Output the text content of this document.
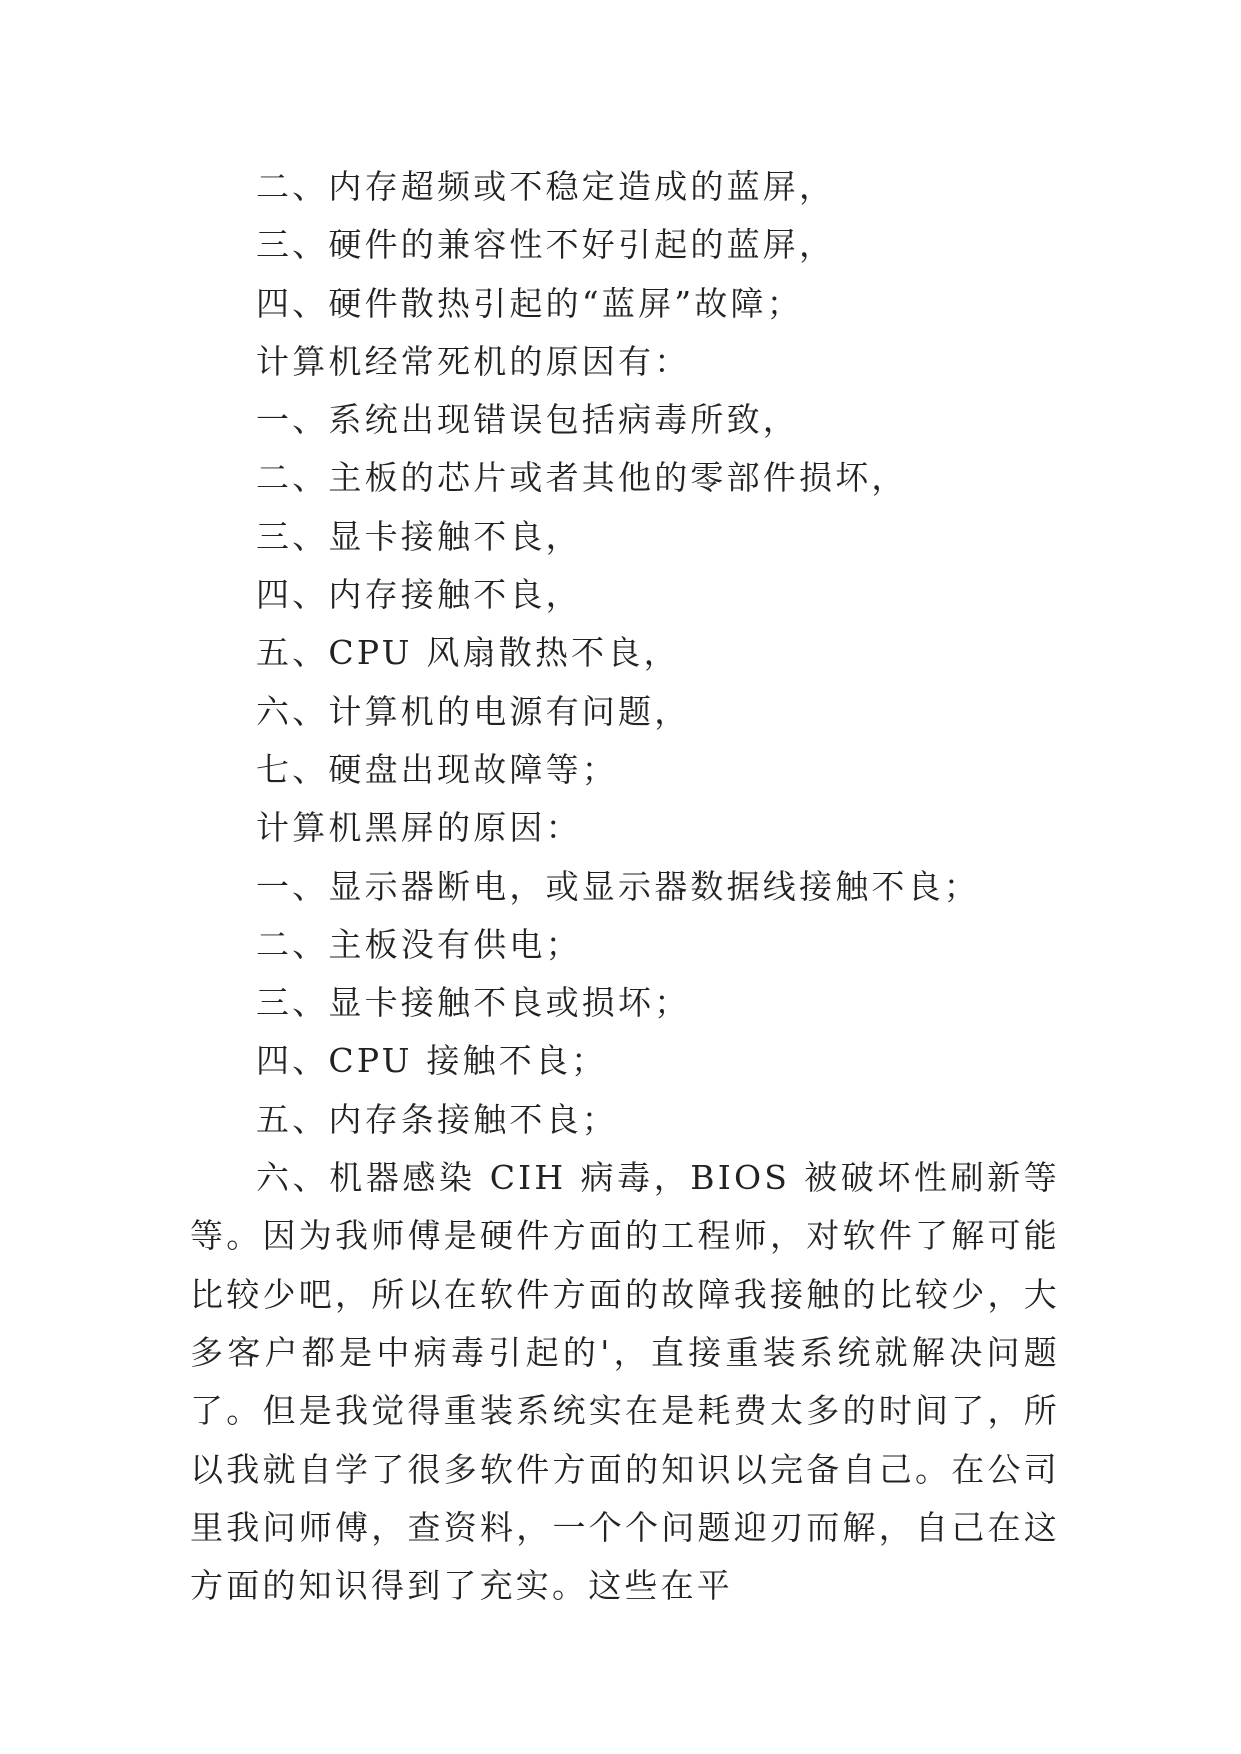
二、内存超频或不稳定造成的蓝屏，
三、硬件的兼容性不好引起的蓝屏，
四、硬件散热引起的“蓝屏”故障；
计算机经常死机的原因有：
一、系统出现错误包括病毒所致，
二、主板的芯片或者其他的零部件损坏，
三、显卡接触不良，
四、内存接触不良，
五、CPU 风扇散热不良，
六、计算机的电源有问题，
七、硬盘出现故障等；
计算机黑屏的原因：
一、显示器断电，或显示器数据线接触不良；
二、主板没有供电；
三、显卡接触不良或损坏；
四、CPU 接触不良；
五、内存条接触不良；
六、机器感染 CIH 病毒，BIOS 被破坏性刷新等等。因为我师傅是硬件方面的工程师，对软件了解可能比较少吧，所以在软件方面的故障我接触的比较少，大多客户都是中病毒引起的'，直接重装系统就解决问题了。但是我觉得重装系统实在是耗费太多的时间了，所以我就自学了很多软件方面的知识以完备自己。在公司里我问师傅，查资料，一个个问题迎刃而解，自己在这方面的知识得到了充实。这些在平
